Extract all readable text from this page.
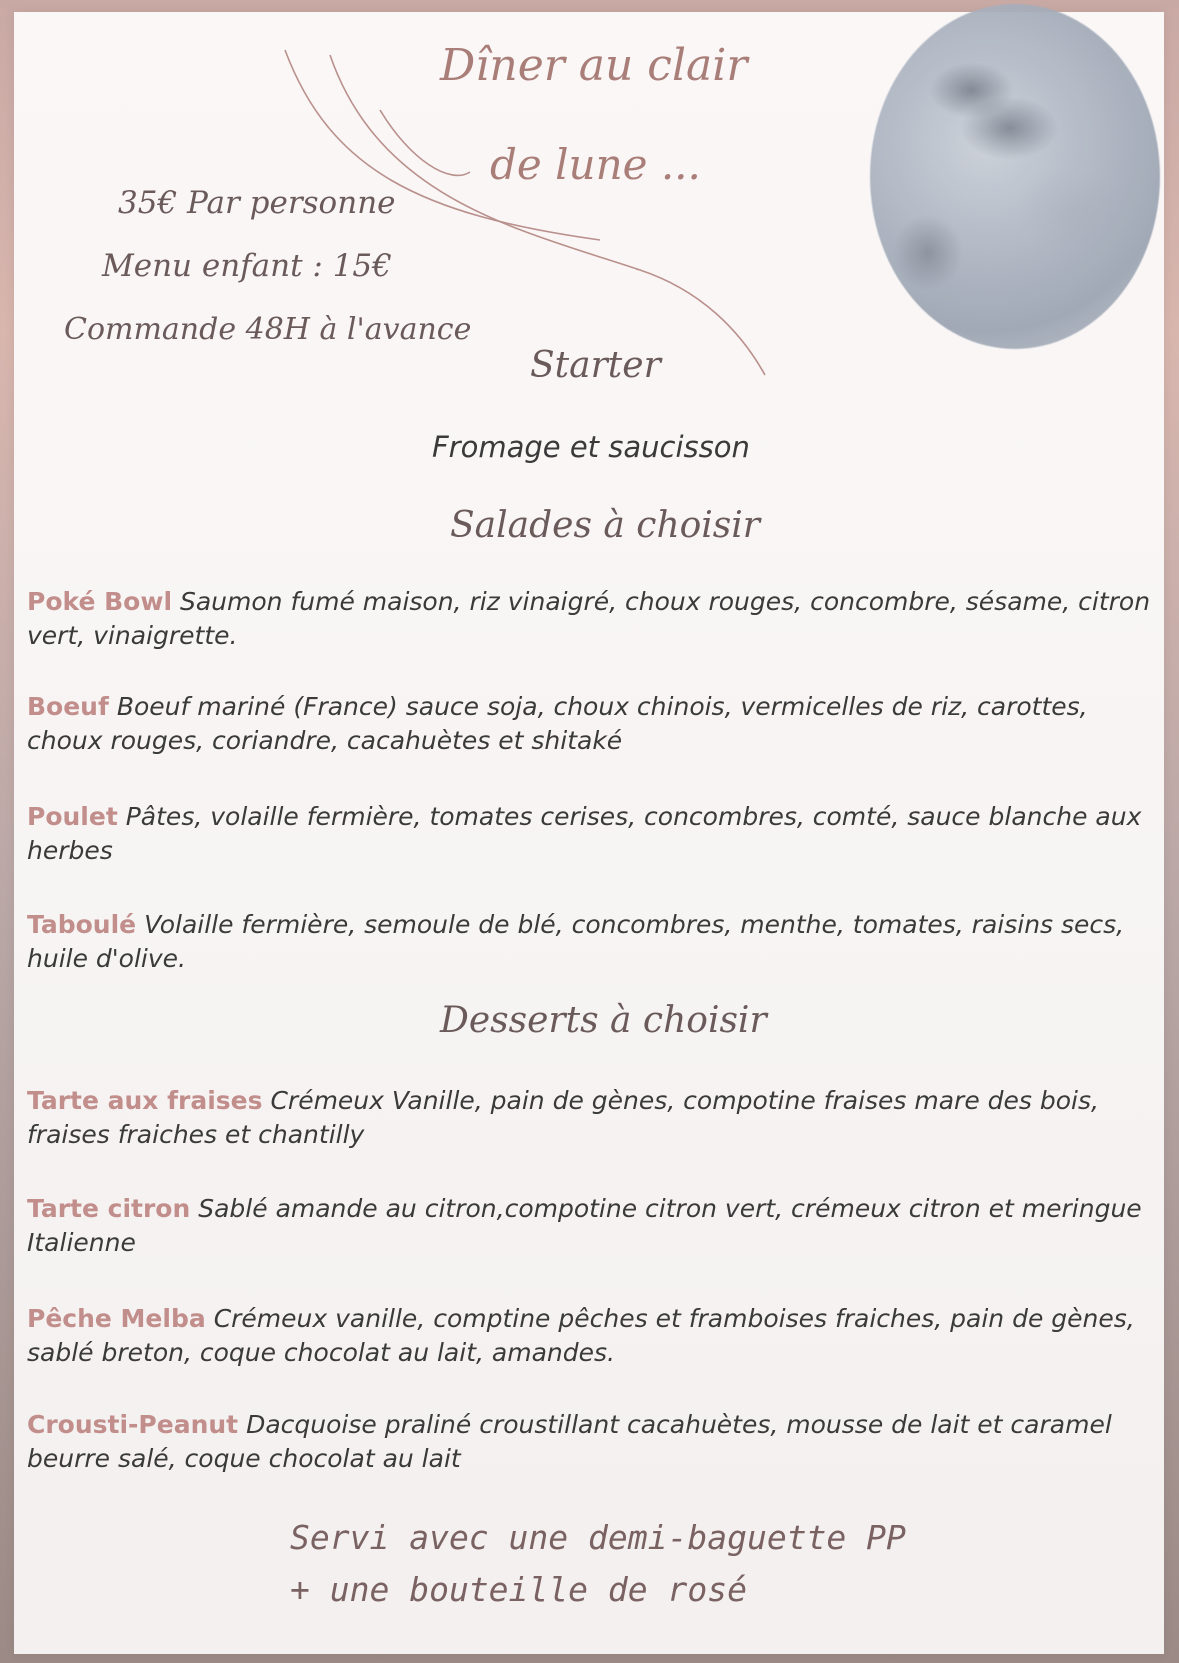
Dîner au clair
de lune ...
35€ Par personne
Menu enfant : 15€
Commande 48H à l'avance
Starter
Fromage et saucisson
Salades à choisir
Poké Bowl Saumon fumé maison, riz vinaigré, choux rouges, concombre, sésame, citron vert, vinaigrette.
Boeuf Boeuf mariné (France) sauce soja, choux chinois, vermicelles de riz, carottes, choux rouges, coriandre, cacahuètes et shitaké
Poulet Pâtes, volaille fermière, tomates cerises, concombres, comté, sauce blanche aux herbes
Taboulé Volaille fermière, semoule de blé, concombres, menthe, tomates, raisins secs, huile d'olive.
Desserts à choisir
Tarte aux fraises Crémeux Vanille, pain de gènes, compotine fraises mare des bois, fraises fraiches et chantilly
Tarte citron Sablé amande au citron,compotine citron vert, crémeux citron et meringue Italienne
Pêche Melba Crémeux vanille, comptine pêches et framboises fraiches, pain de gènes, sablé breton, coque chocolat au lait, amandes.
Crousti-Peanut Dacquoise praliné croustillant cacahuètes, mousse de lait et caramel beurre salé, coque chocolat au lait
Servi avec une demi-baguette PP
+ une bouteille de rosé
